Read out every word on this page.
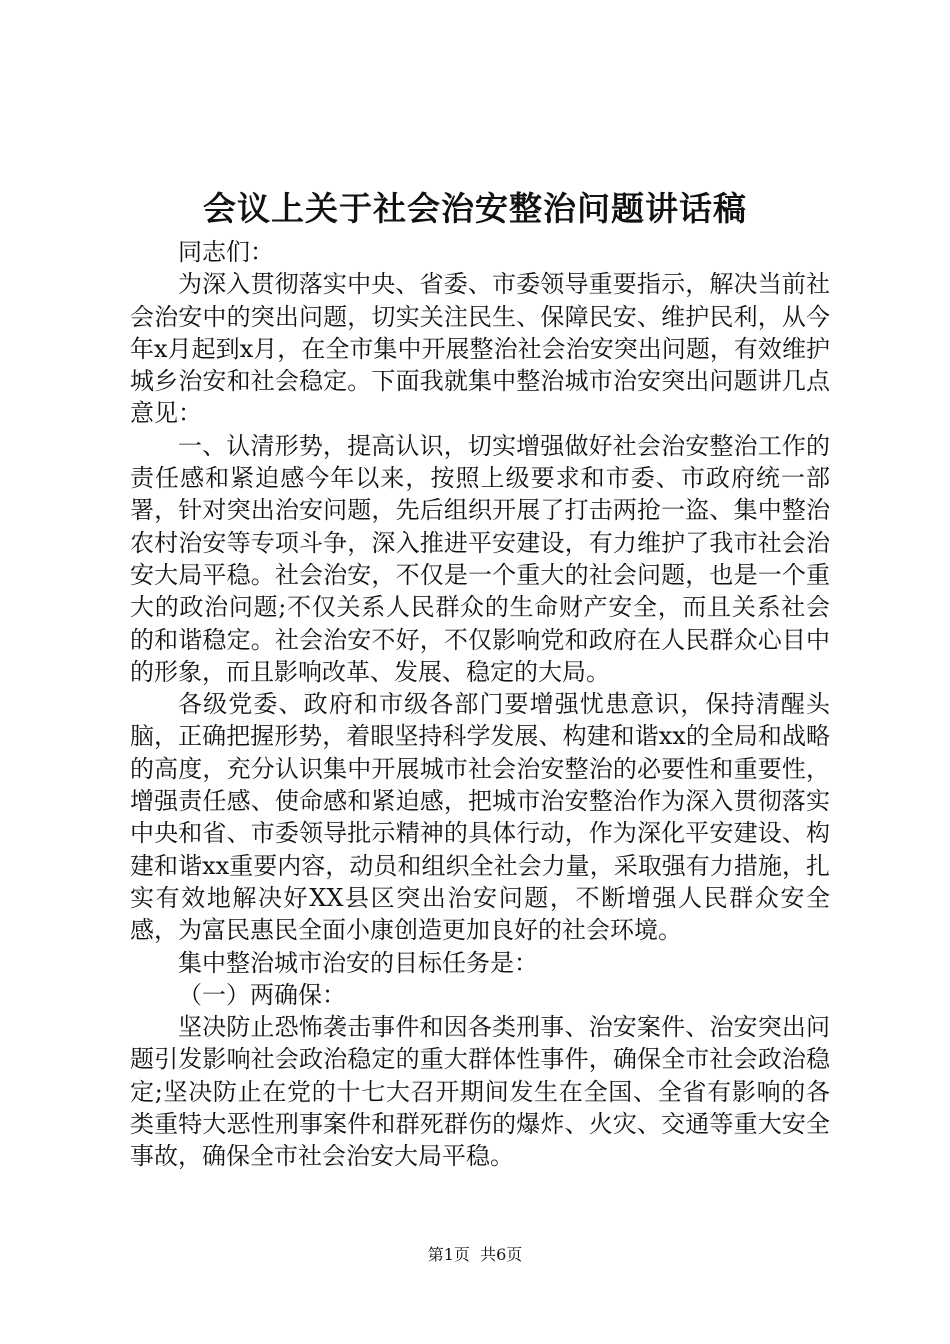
会议上关于社会治安整治问题讲话稿

同志们：

为深入贯彻落实中央、省委、市委领导重要指示，解决当前社会治安中的突出问题，切实关注民生、保障民安、维护民利，从今年x月起到x月，在全市集中开展整治社会治安突出问题，有效维护城乡治安和社会稳定。下面我就集中整治城市治安突出问题讲几点意见：

一、认清形势，提高认识，切实增强做好社会治安整治工作的责任感和紧迫感今年以来，按照上级要求和市委、市政府统一部署，针对突出治安问题，先后组织开展了打击两抢一盗、集中整治农村治安等专项斗争，深入推进平安建设，有力维护了我市社会治安大局平稳。社会治安，不仅是一个重大的社会问题，也是一个重大的政治问题;不仅关系人民群众的生命财产安全，而且关系社会的和谐稳定。社会治安不好，不仅影响党和政府在人民群众心目中的形象，而且影响改革、发展、稳定的大局。

各级党委、政府和市级各部门要增强忧患意识，保持清醒头脑，正确把握形势，着眼坚持科学发展、构建和谐xx的全局和战略的高度，充分认识集中开展城市社会治安整治的必要性和重要性，增强责任感、使命感和紧迫感，把城市治安整治作为深入贯彻落实中央和省、市委领导批示精神的具体行动，作为深化平安建设、构建和谐xx重要内容，动员和组织全社会力量，采取强有力措施，扎实有效地解决好XX县区突出治安问题，不断增强人民群众安全感，为富民惠民全面小康创造更加良好的社会环境。

集中整治城市治安的目标任务是：

（一）两确保：

坚决防止恐怖袭击事件和因各类刑事、治安案件、治安突出问题引发影响社会政治稳定的重大群体性事件，确保全市社会政治稳定;坚决防止在党的十七大召开期间发生在全国、全省有影响的各类重特大恶性刑事案件和群死群伤的爆炸、火灾、交通等重大安全事故，确保全市社会治安大局平稳。

第1页  共6页
